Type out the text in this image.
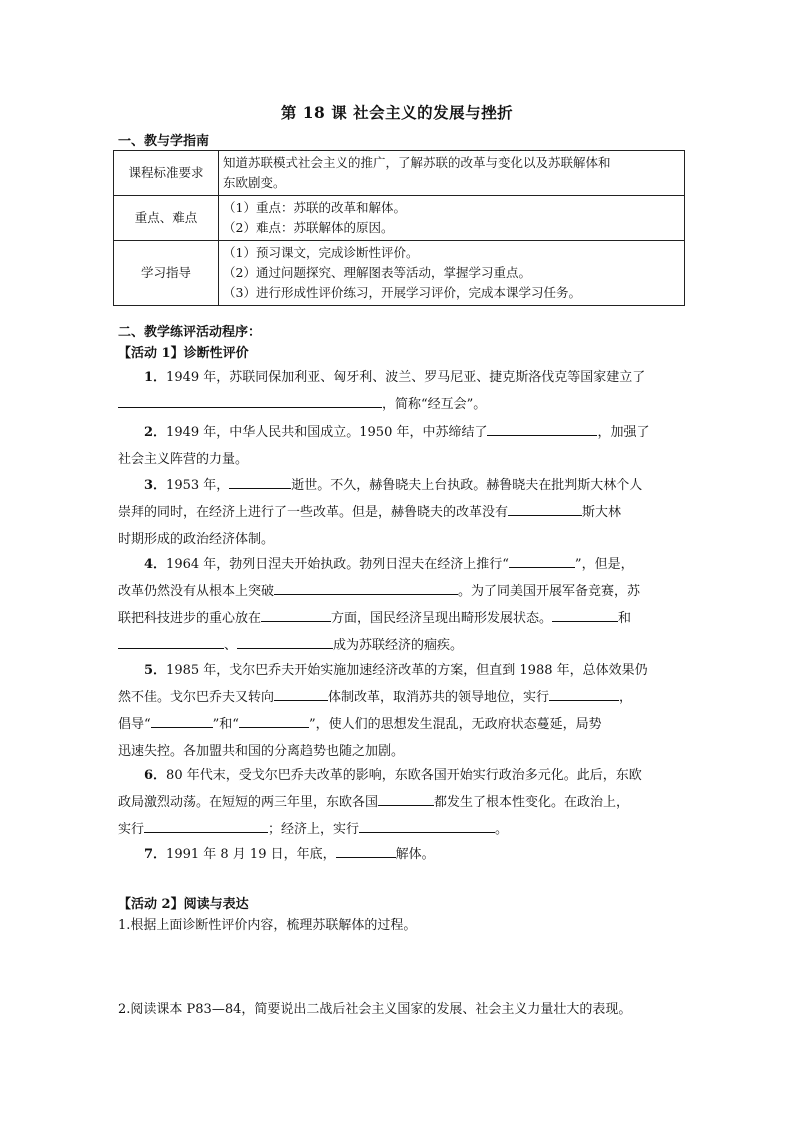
第 18 课 社会主义的发展与挫折
一、教与学指南
课程标准要求	知道苏联模式社会主义的推广，了解苏联的改革与变化以及苏联解体和
东欧剧变。

重点、难点	（1）重点：苏联的改革和解体。
（2）难点：苏联解体的原因。

学习指导	（1）预习课文，完成诊断性评价。
（2）通过问题探究、理解图表等活动，掌握学习重点。
（3）进行形成性评价练习，开展学习评价，完成本课学习任务。
二、教学练评活动程序：
【活动 1】诊断性评价
1．1949 年，苏联同保加利亚、匈牙利、波兰、罗马尼亚、捷克斯洛伐克等国家建立了
，简称“经互会”。
2．1949 年，中华人民共和国成立。1950 年，中苏缔结了	，加强了
社会主义阵营的力量。
3．1953 年，	逝世。不久，赫鲁晓夫上台执政。赫鲁晓夫在批判斯大林个人
崇拜的同时，在经济上进行了一些改革。但是，赫鲁晓夫的改革没有	斯大林
时期形成的政治经济体制。
4．1964 年，勃列日涅夫开始执政。勃列日涅夫在经济上推行“	”，但是，
改革仍然没有从根本上突破	。为了同美国开展军备竞赛，苏
联把科技进步的重心放在	方面，国民经济呈现出畸形发展状态。	和
、	成为苏联经济的痼疾。
5．1985 年，戈尔巴乔夫开始实施加速经济改革的方案，但直到 1988 年，总体效果仍
然不佳。戈尔巴乔夫又转向	体制改革，取消苏共的领导地位，实行	，
倡导“	”和“	”，使人们的思想发生混乱，无政府状态蔓延，局势
迅速失控。各加盟共和国的分离趋势也随之加剧。
6．80 年代末，受戈尔巴乔夫改革的影响，东欧各国开始实行政治多元化。此后，东欧
政局激烈动荡。在短短的两三年里，东欧各国	都发生了根本性变化。在政治上，
实行	；经济上，实行	。
7．1991 年 8 月 19 日，年底，	解体。
【活动 2】阅读与表达
1.根据上面诊断性评价内容，梳理苏联解体的过程。
2.阅读课本 P83—84，简要说出二战后社会主义国家的发展、社会主义力量壮大的表现。
